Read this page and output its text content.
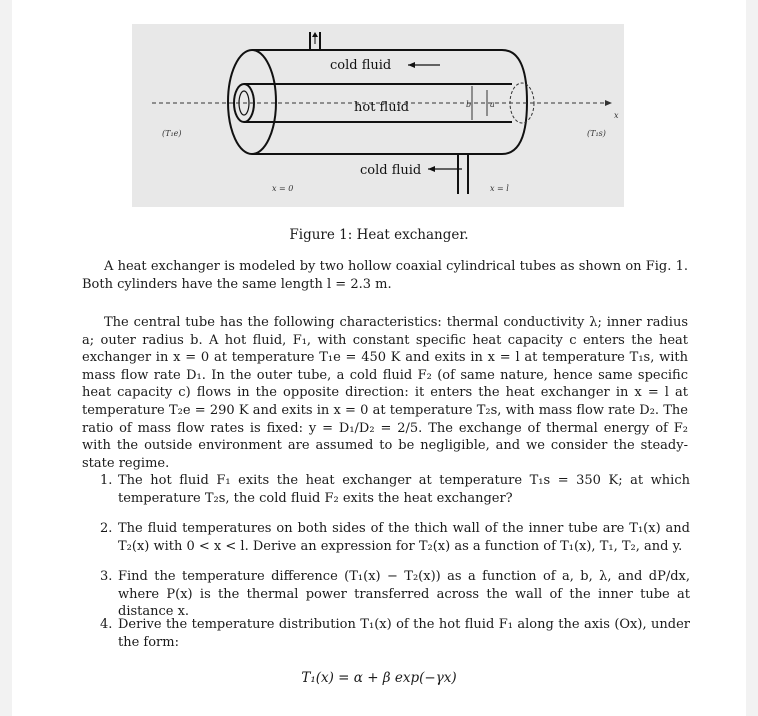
cold fluid
hot fluid
cold fluid
(T₁e)	(T₁s)
x = 0	x = l
x
b a
Figure 1: Heat exchanger.

A heat exchanger is modeled by two hollow coaxial cylindrical tubes as shown on Fig. 1. Both cylinders have the same length l = 2.3 m.

The central tube has the following characteristics: thermal conductivity λ; inner radius a; outer radius b. A hot fluid, F₁, with constant specific heat capacity c enters the heat exchanger in x = 0 at temperature T₁e = 450 K and exits in x = l at temperature T₁s, with mass flow rate D₁. In the outer tube, a cold fluid F₂ (of same nature, hence same specific heat capacity c) flows in the opposite direction: it enters the heat exchanger in x = l at temperature T₂e = 290 K and exits in x = 0 at temperature T₂s, with mass flow rate D₂. The ratio of mass flow rates is fixed: y = D₁/D₂ = 2/5. The exchange of thermal energy of F₂ with the outside environment are assumed to be negligible, and we consider the steady-state regime.

1. The hot fluid F₁ exits the heat exchanger at temperature T₁s = 350 K; at which temperature T₂s, the cold fluid F₂ exits the heat exchanger?
2. The fluid temperatures on both sides of the thich wall of the inner tube are T₁(x) and T₂(x) with 0 < x < l. Derive an expression for T₂(x) as a function of T₁(x), T₁, T₂, and y.
3. Find the temperature difference (T₁(x) − T₂(x)) as a function of a, b, λ, and dP/dx, where P(x) is the thermal power transferred across the wall of the inner tube at distance x.
4. Derive the temperature distribution T₁(x) of the hot fluid F₁ along the axis (Ox), under the form:
T₁(x) = α + β exp(−γx)
